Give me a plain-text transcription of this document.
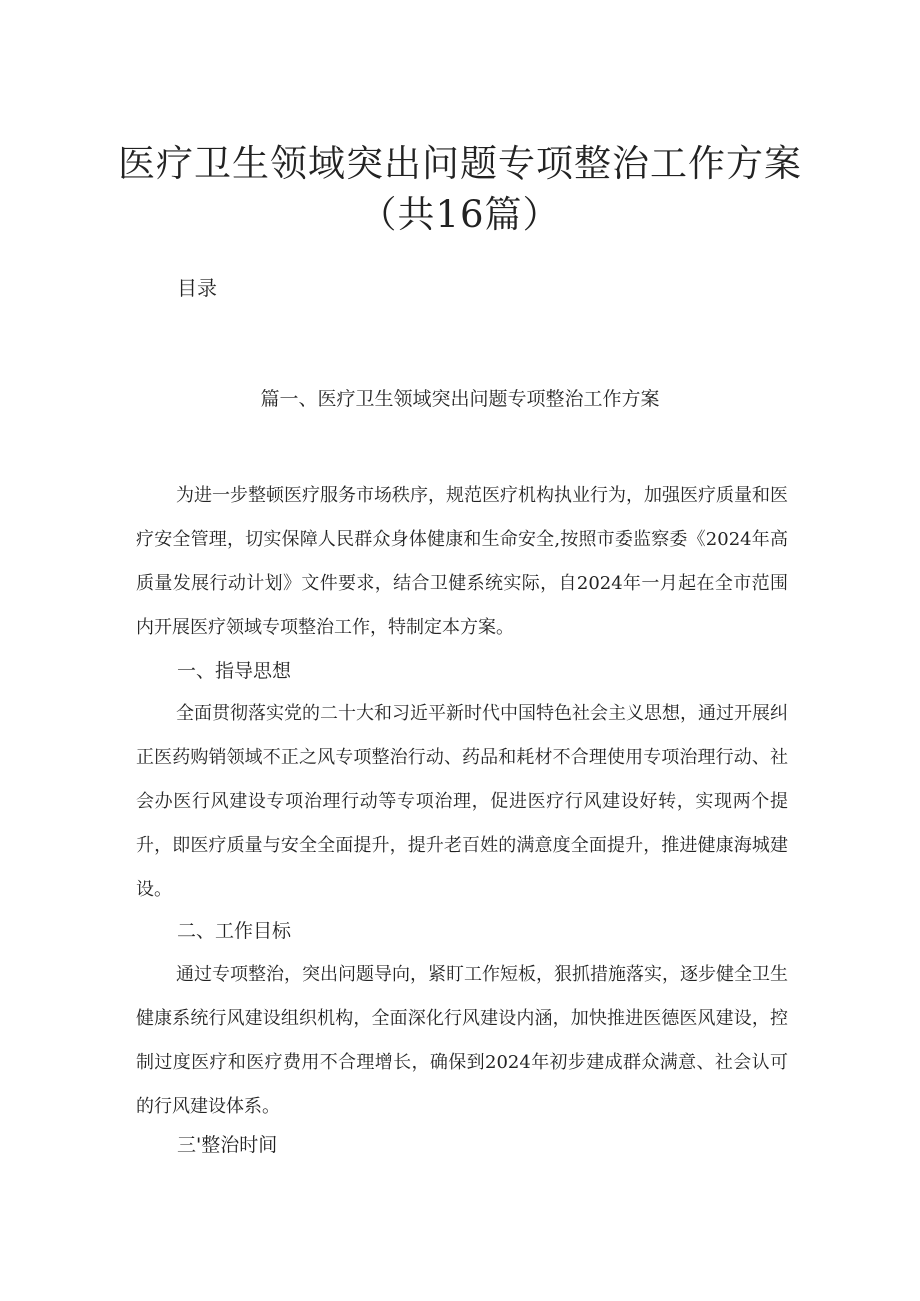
医疗卫生领域突出问题专项整治工作方案
（共16篇）
目录
篇一、医疗卫生领域突出问题专项整治工作方案

为进一步整顿医疗服务市场秩序，规范医疗机构执业行为，加强医疗质量和医疗安全管理，切实保障人民群众身体健康和生命安全,按照市委监察委《2024年高质量发展行动计划》文件要求，结合卫健系统实际，自2024年一月起在全市范围内开展医疗领域专项整治工作，特制定本方案。

一、指导思想

全面贯彻落实党的二十大和习近平新时代中国特色社会主义思想，通过开展纠正医药购销领域不正之风专项整治行动、药品和耗材不合理使用专项治理行动、社会办医行风建设专项治理行动等专项治理，促进医疗行风建设好转，实现两个提升，即医疗质量与安全全面提升，提升老百姓的满意度全面提升，推进健康海城建设。

二、工作目标

通过专项整治，突出问题导向，紧盯工作短板，狠抓措施落实，逐步健全卫生健康系统行风建设组织机构，全面深化行风建设内涵，加快推进医德医风建设，控制过度医疗和医疗费用不合理增长，确保到2024年初步建成群众满意、社会认可的行风建设体系。

三'整治时间
